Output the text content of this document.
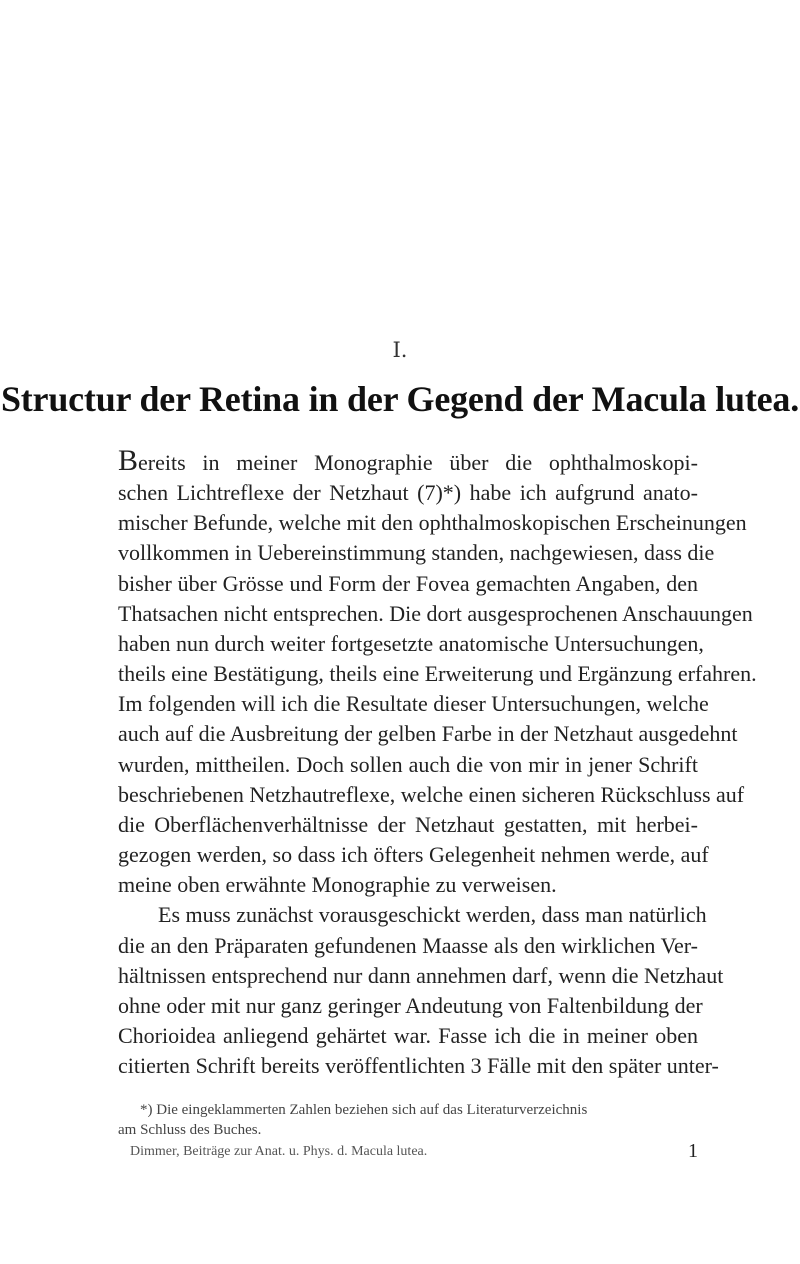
I.
Structur der Retina in der Gegend der Macula lutea.
Bereits in meiner Monographie über die ophthalmoskopi-
schen Lichtreflexe der Netzhaut (7)*) habe ich aufgrund anato-
mischer Befunde, welche mit den ophthalmoskopischen Erscheinungen
vollkommen in Uebereinstimmung standen, nachgewiesen, dass die
bisher über Grösse und Form der Fovea gemachten Angaben, den
Thatsachen nicht entsprechen. Die dort ausgesprochenen Anschauungen
haben nun durch weiter fortgesetzte anatomische Untersuchungen,
theils eine Bestätigung, theils eine Erweiterung und Ergänzung erfahren.
Im folgenden will ich die Resultate dieser Untersuchungen, welche
auch auf die Ausbreitung der gelben Farbe in der Netzhaut ausgedehnt
wurden, mittheilen. Doch sollen auch die von mir in jener Schrift
beschriebenen Netzhautreflexe, welche einen sicheren Rückschluss auf
die Oberflächenverhältnisse der Netzhaut gestatten, mit herbei-
gezogen werden, so dass ich öfters Gelegenheit nehmen werde, auf
meine oben erwähnte Monographie zu verweisen.
Es muss zunächst vorausgeschickt werden, dass man natürlich
die an den Präparaten gefundenen Maasse als den wirklichen Ver-
hältnissen entsprechend nur dann annehmen darf, wenn die Netzhaut
ohne oder mit nur ganz geringer Andeutung von Faltenbildung der
Chorioidea anliegend gehärtet war. Fasse ich die in meiner oben
citierten Schrift bereits veröffentlichten 3 Fälle mit den später unter-
*) Die eingeklammerten Zahlen beziehen sich auf das Literaturverzeichnis
am Schluss des Buches.
Dimmer, Beiträge zur Anat. u. Phys. d. Macula lutea.	1
